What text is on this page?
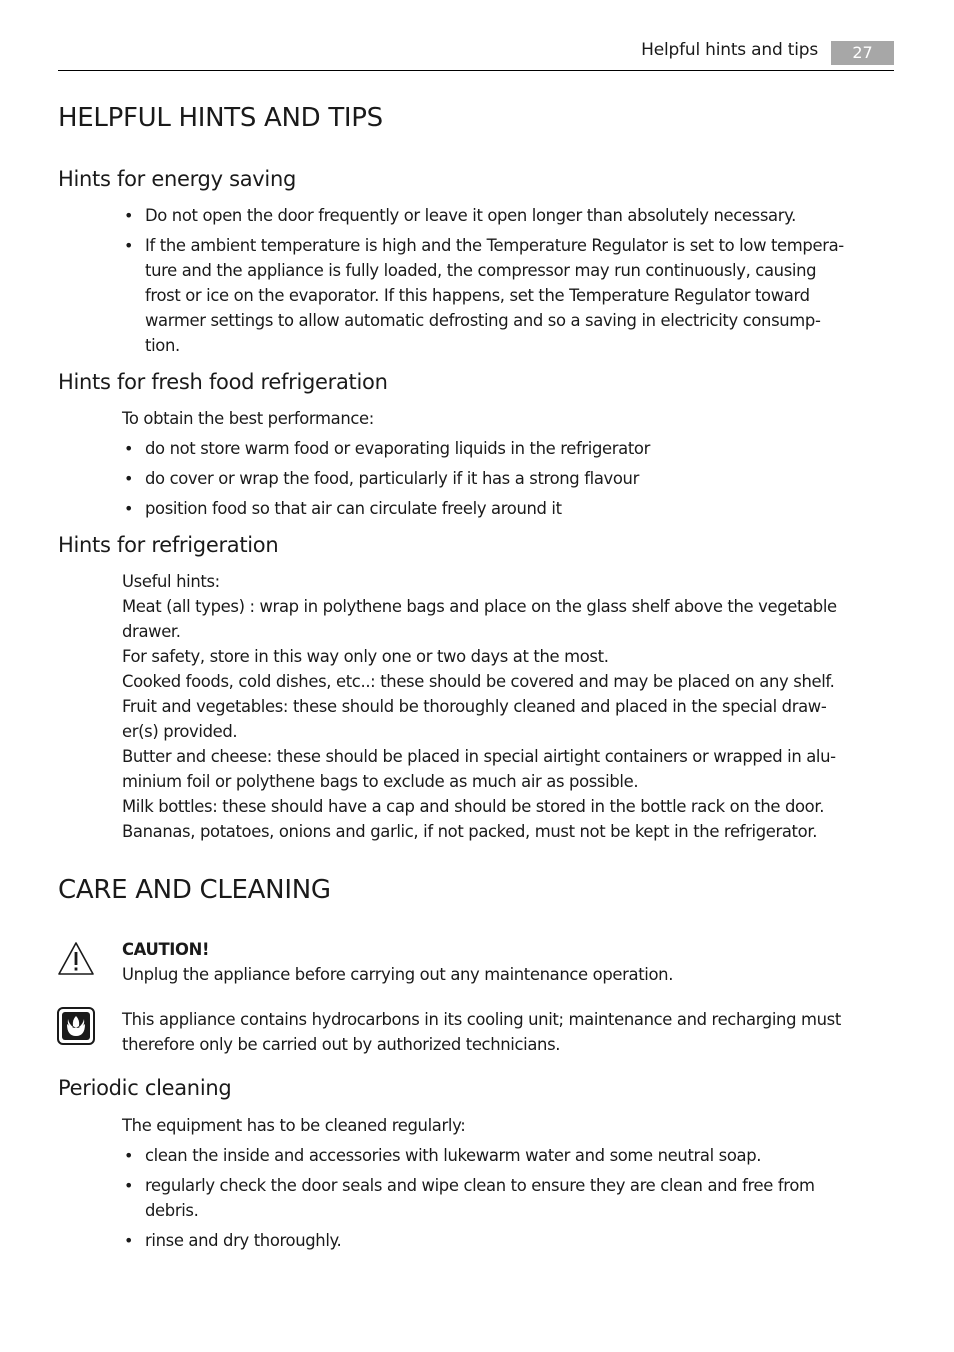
Helpful hints and tips	27
HELPFUL HINTS AND TIPS
Hints for energy saving
• Do not open the door frequently or leave it open longer than absolutely necessary.
• If the ambient temperature is high and the Temperature Regulator is set to low tempera-
ture and the appliance is fully loaded, the compressor may run continuously, causing
frost or ice on the evaporator. If this happens, set the Temperature Regulator toward
warmer settings to allow automatic defrosting and so a saving in electricity consump-
tion.
Hints for fresh food refrigeration

To obtain the best performance:

• do not store warm food or evaporating liquids in the refrigerator
• do cover or wrap the food, particularly if it has a strong flavour
• position food so that air can circulate freely around it
Hints for refrigeration
Useful hints:
Meat (all types) : wrap in polythene bags and place on the glass shelf above the vegetable
drawer.
For safety, store in this way only one or two days at the most.
Cooked foods, cold dishes, etc..: these should be covered and may be placed on any shelf.
Fruit and vegetables: these should be thoroughly cleaned and placed in the special draw-
er(s) provided.
Butter and cheese: these should be placed in special airtight containers or wrapped in alu-
minium foil or polythene bags to exclude as much air as possible.
Milk bottles: these should have a cap and should be stored in the bottle rack on the door.
Bananas, potatoes, onions and garlic, if not packed, must not be kept in the refrigerator.
CARE AND CLEANING
CAUTION!
Unplug the appliance before carrying out any maintenance operation.
This appliance contains hydrocarbons in its cooling unit; maintenance and recharging must
therefore only be carried out by authorized technicians.
Periodic cleaning

The equipment has to be cleaned regularly:

• clean the inside and accessories with lukewarm water and some neutral soap.
• regularly check the door seals and wipe clean to ensure they are clean and free from
debris.
• rinse and dry thoroughly.
